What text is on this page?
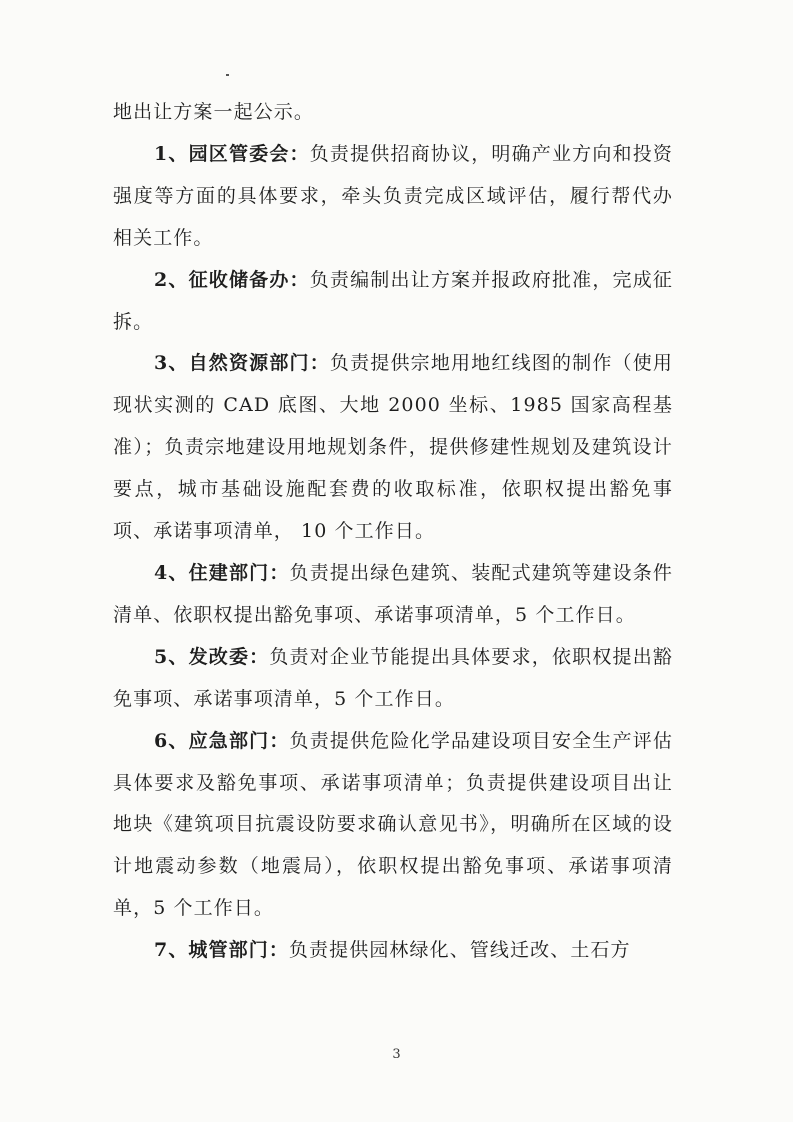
地出让方案一起公示。

1、园区管委会：负责提供招商协议，明确产业方向和投资强度等方面的具体要求，牵头负责完成区域评估，履行帮代办相关工作。

2、征收储备办：负责编制出让方案并报政府批准，完成征拆。

3、自然资源部门：负责提供宗地用地红线图的制作（使用现状实测的 CAD 底图、大地 2000 坐标、1985 国家高程基准）；负责宗地建设用地规划条件，提供修建性规划及建筑设计要点，城市基础设施配套费的收取标准，依职权提出豁免事项、承诺事项清单， 10 个工作日。

4、住建部门：负责提出绿色建筑、装配式建筑等建设条件清单、依职权提出豁免事项、承诺事项清单，5 个工作日。

5、发改委：负责对企业节能提出具体要求，依职权提出豁免事项、承诺事项清单，5 个工作日。

6、应急部门：负责提供危险化学品建设项目安全生产评估具体要求及豁免事项、承诺事项清单；负责提供建设项目出让地块《建筑项目抗震设防要求确认意见书》，明确所在区域的设计地震动参数（地震局），依职权提出豁免事项、承诺事项清单，5 个工作日。

7、城管部门：负责提供园林绿化、管线迁改、土石方

3
